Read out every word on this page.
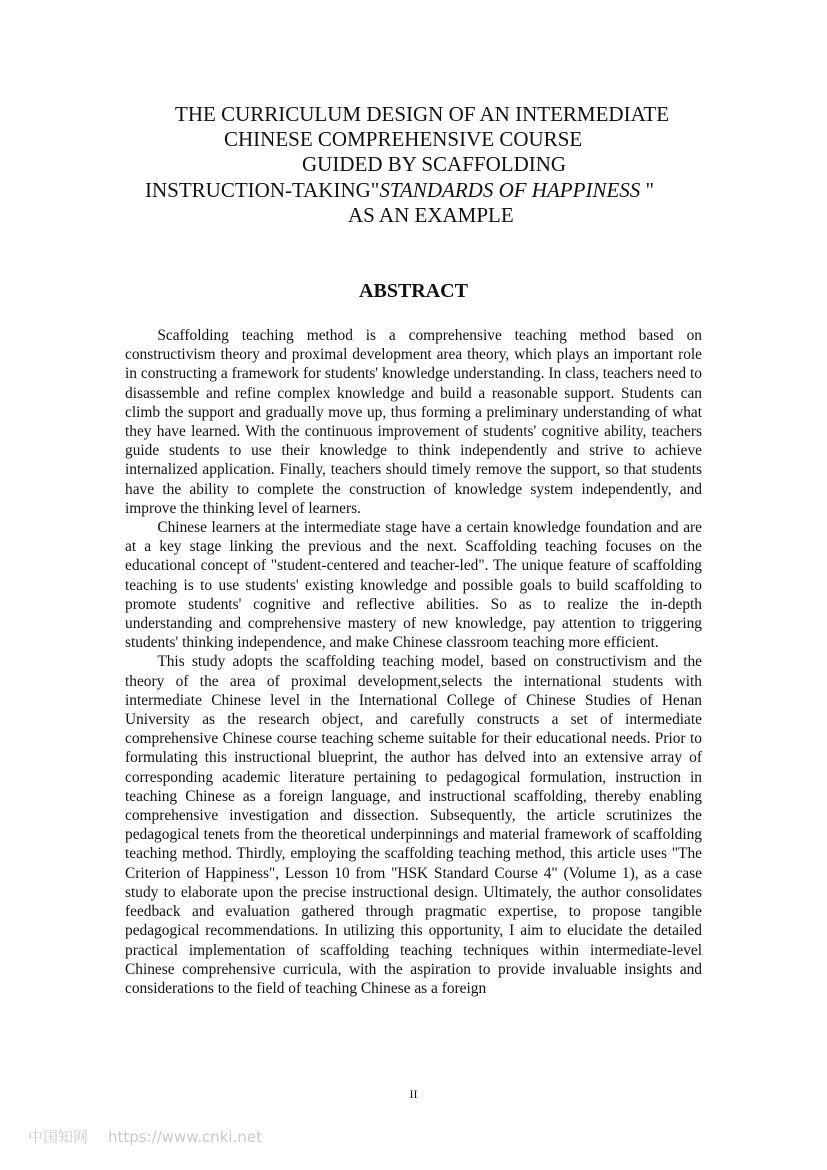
THE CURRICULUM DESIGN OF AN INTERMEDIATE
CHINESE COMPREHENSIVE COURSE
GUIDED BY SCAFFOLDING
INSTRUCTION-TAKING"STANDARDS OF HAPPINESS "
AS AN EXAMPLE
ABSTRACT

Scaffolding teaching method is a comprehensive teaching method based on constructivism theory and proximal development area theory, which plays an important role in constructing a framework for students' knowledge understanding. In class, teachers need to disassemble and refine complex knowledge and build a reasonable support. Students can climb the support and gradually move up, thus forming a preliminary understanding of what they have learned. With the continuous improvement of students' cognitive ability, teachers guide students to use their knowledge to think independently and strive to achieve internalized application. Finally, teachers should timely remove the support, so that students have the ability to complete the construction of knowledge system independently, and improve the thinking level of learners.

Chinese learners at the intermediate stage have a certain knowledge foundation and are at a key stage linking the previous and the next. Scaffolding teaching focuses on the educational concept of "student-centered and teacher-led". The unique feature of scaffolding teaching is to use students' existing knowledge and possible goals to build scaffolding to promote students' cognitive and reflective abilities. So as to realize the in-depth understanding and comprehensive mastery of new knowledge, pay attention to triggering students' thinking independence, and make Chinese classroom teaching more efficient.

This study adopts the scaffolding teaching model, based on constructivism and the theory of the area of proximal development,selects the international students with intermediate Chinese level in the International College of Chinese Studies of Henan University as the research object, and carefully constructs a set of intermediate comprehensive Chinese course teaching scheme suitable for their educational needs. Prior to formulating this instructional blueprint, the author has delved into an extensive array of corresponding academic literature pertaining to pedagogical formulation, instruction in teaching Chinese as a foreign language, and instructional scaffolding, thereby enabling comprehensive investigation and dissection. Subsequently, the article scrutinizes the pedagogical tenets from the theoretical underpinnings and material framework of scaffolding teaching method. Thirdly, employing the scaffolding teaching method, this article uses "The Criterion of Happiness", Lesson 10 from "HSK Standard Course 4" (Volume 1), as a case study to elaborate upon the precise instructional design. Ultimately, the author consolidates feedback and evaluation gathered through pragmatic expertise, to propose tangible pedagogical recommendations. In utilizing this opportunity, I aim to elucidate the detailed practical implementation of scaffolding teaching techniques within intermediate-level Chinese comprehensive curricula, with the aspiration to provide invaluable insights and considerations to the field of teaching Chinese as a foreign

II
中国知网 https://www.cnki.net
